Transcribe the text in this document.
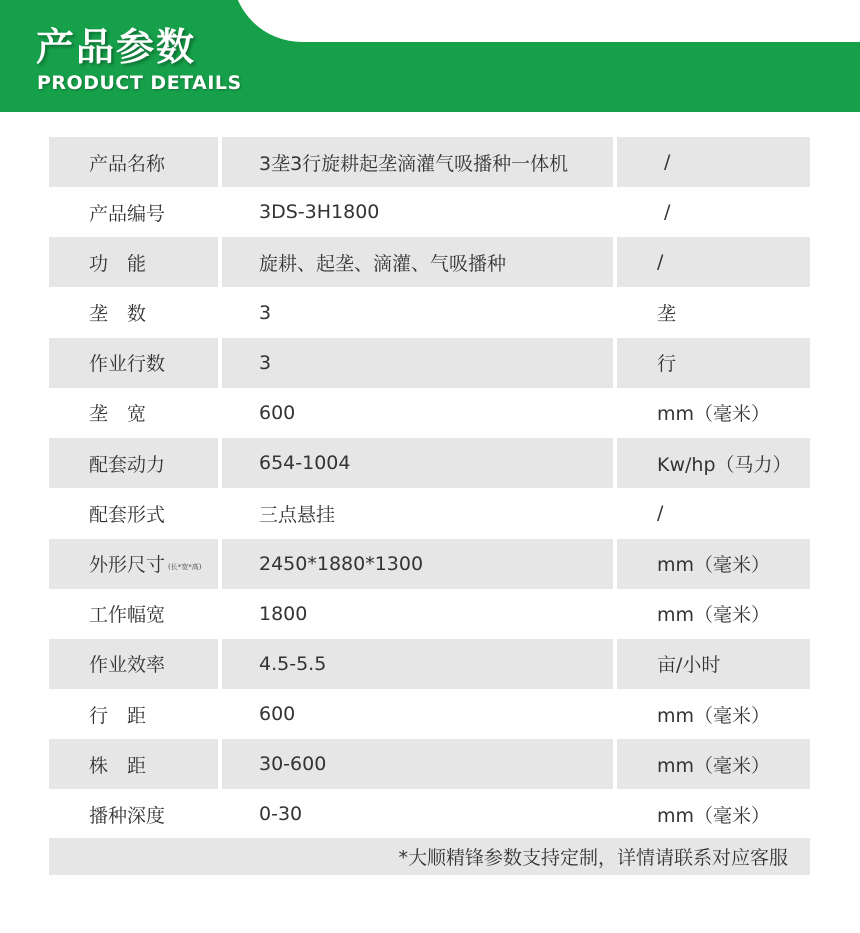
产品参数
PRODUCT DETAILS
产品名称	3垄3行旋耕起垄滴灌气吸播种一体机	/
产品编号	3DS-3H1800	/
功　能	旋耕、起垄、滴灌、气吸播种	/
垄　数	3	垄
作业行数	3	行
垄　宽	600	mm（毫米）
配套动力	654-1004	Kw/hp（马力）
配套形式	三点悬挂	/
外形尺寸 (长*宽*高)	2450*1880*1300	mm（毫米）
工作幅宽	1800	mm（毫米）
作业效率	4.5-5.5	亩/小时
行　距	600	mm（毫米）
株　距	30-600	mm（毫米）
播种深度	0-30	mm（毫米）
*大顺精锋参数支持定制，详情请联系对应客服
